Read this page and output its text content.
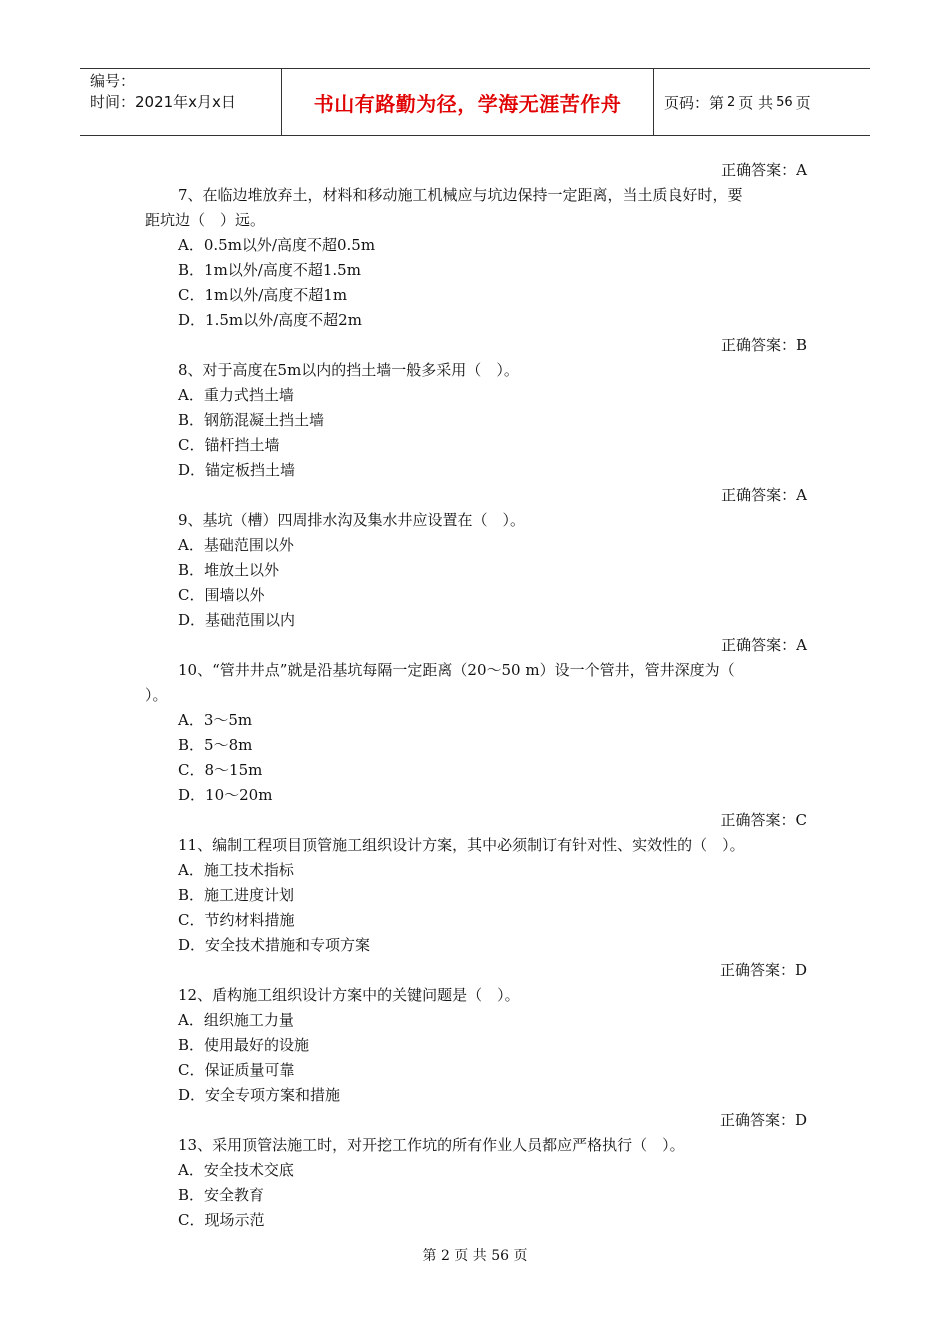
编号：
时间：2021年x月x日	书山有路勤为径，学海无涯苦作舟	页码：第 2 页 共 56 页
正确答案：A
7、在临边堆放弃土，材料和移动施工机械应与坑边保持一定距离，当土质良好时，要
距坑边（　）远。
A．0.5m以外/高度不超0.5m
B．1m以外/高度不超1.5m
C．1m以外/高度不超1m
D．1.5m以外/高度不超2m
正确答案：B
8、对于高度在5m以内的挡土墙一般多采用（　）。
A．重力式挡土墙
B．钢筋混凝土挡土墙
C．锚杆挡土墙
D．锚定板挡土墙
正确答案：A
9、基坑（槽）四周排水沟及集水井应设置在（　）。
A．基础范围以外
B．堆放土以外
C．围墙以外
D．基础范围以内
正确答案：A
10、“管井井点”就是沿基坑每隔一定距离（20～50 m）设一个管井，管井深度为（
）。
A．3～5m
B．5～8m
C．8～15m
D．10～20m
正确答案：C
11、编制工程项目顶管施工组织设计方案，其中必须制订有针对性、实效性的（　）。
A．施工技术指标
B．施工进度计划
C．节约材料措施
D．安全技术措施和专项方案
正确答案：D
12、盾构施工组织设计方案中的关键问题是（　）。
A．组织施工力量
B．使用最好的设施
C．保证质量可靠
D．安全专项方案和措施
正确答案：D
13、采用顶管法施工时，对开挖工作坑的所有作业人员都应严格执行（　）。
A．安全技术交底
B．安全教育
C．现场示范
第 2 页 共 56 页
